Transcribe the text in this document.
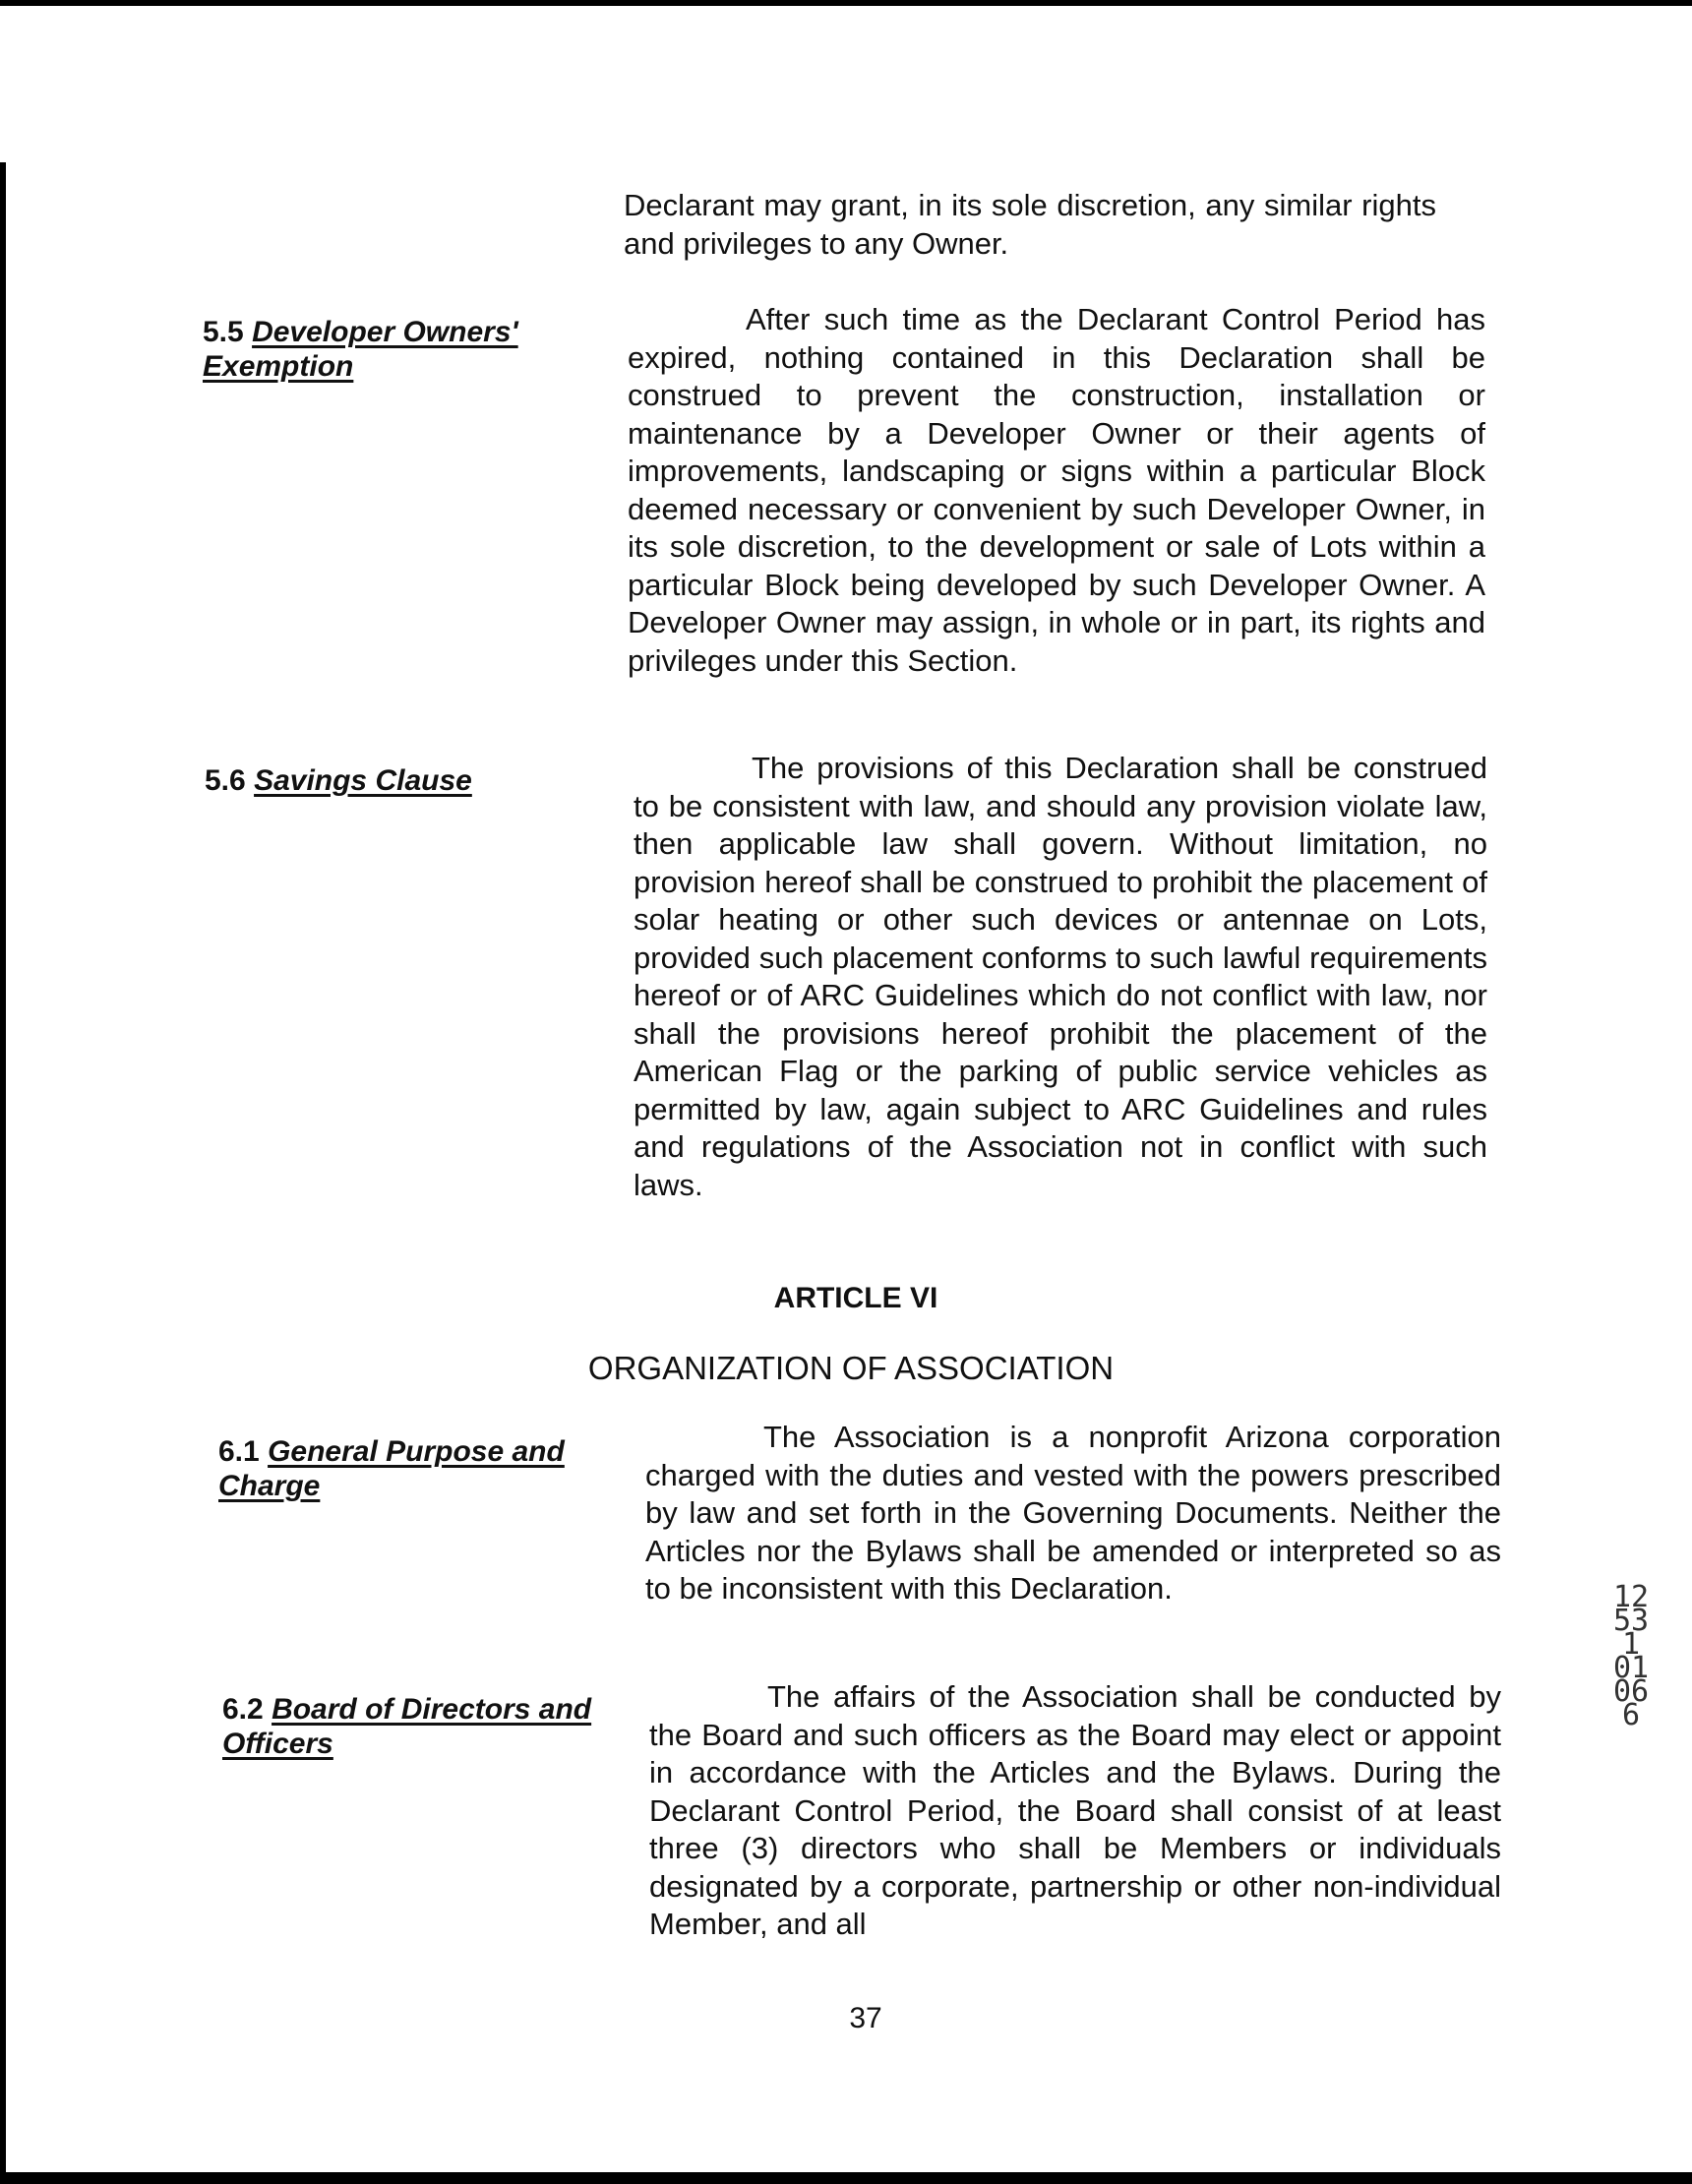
Declarant may grant, in its sole discretion, any similar rights and privileges to any Owner.

5.5 Developer Owners' Exemption

After such time as the Declarant Control Period has expired, nothing contained in this Declaration shall be construed to prevent the construction, installation or maintenance by a Developer Owner or their agents of improvements, landscaping or signs within a particular Block deemed necessary or convenient by such Developer Owner, in its sole discretion, to the development or sale of Lots within a particular Block being developed by such Developer Owner. A Developer Owner may assign, in whole or in part, its rights and privileges under this Section.

5.6 Savings Clause	The provisions of this Declaration shall be construed to be consistent with law, and should any provision violate law, then applicable law shall govern. Without limitation, no provision hereof shall be construed to prohibit the placement of solar heating or other such devices or antennae on Lots, provided such placement conforms to such lawful requirements hereof or of ARC Guidelines which do not conflict with law, nor shall the provisions hereof prohibit the placement of the American Flag or the parking of public service vehicles as permitted by law, again subject to ARC Guidelines and rules and regulations of the Association not in conflict with such laws.

ARTICLE VI

ORGANIZATION OF ASSOCIATION

6.1 General Purpose and Charge

The Association is a nonprofit Arizona corporation charged with the duties and vested with the powers prescribed by law and set forth in the Governing Documents. Neither the Articles nor the Bylaws shall be amended or interpreted so as to be inconsistent with this Declaration.

6.2 Board of Directors and Officers

The affairs of the Association shall be conducted by the Board and such officers as the Board may elect or appoint in accordance with the Articles and the Bylaws. During the Declarant Control Period, the Board shall consist of at least three (3) directors who shall be Members or individuals designated by a corporate, partnership or other non-individual Member, and all

37

12531 01066
